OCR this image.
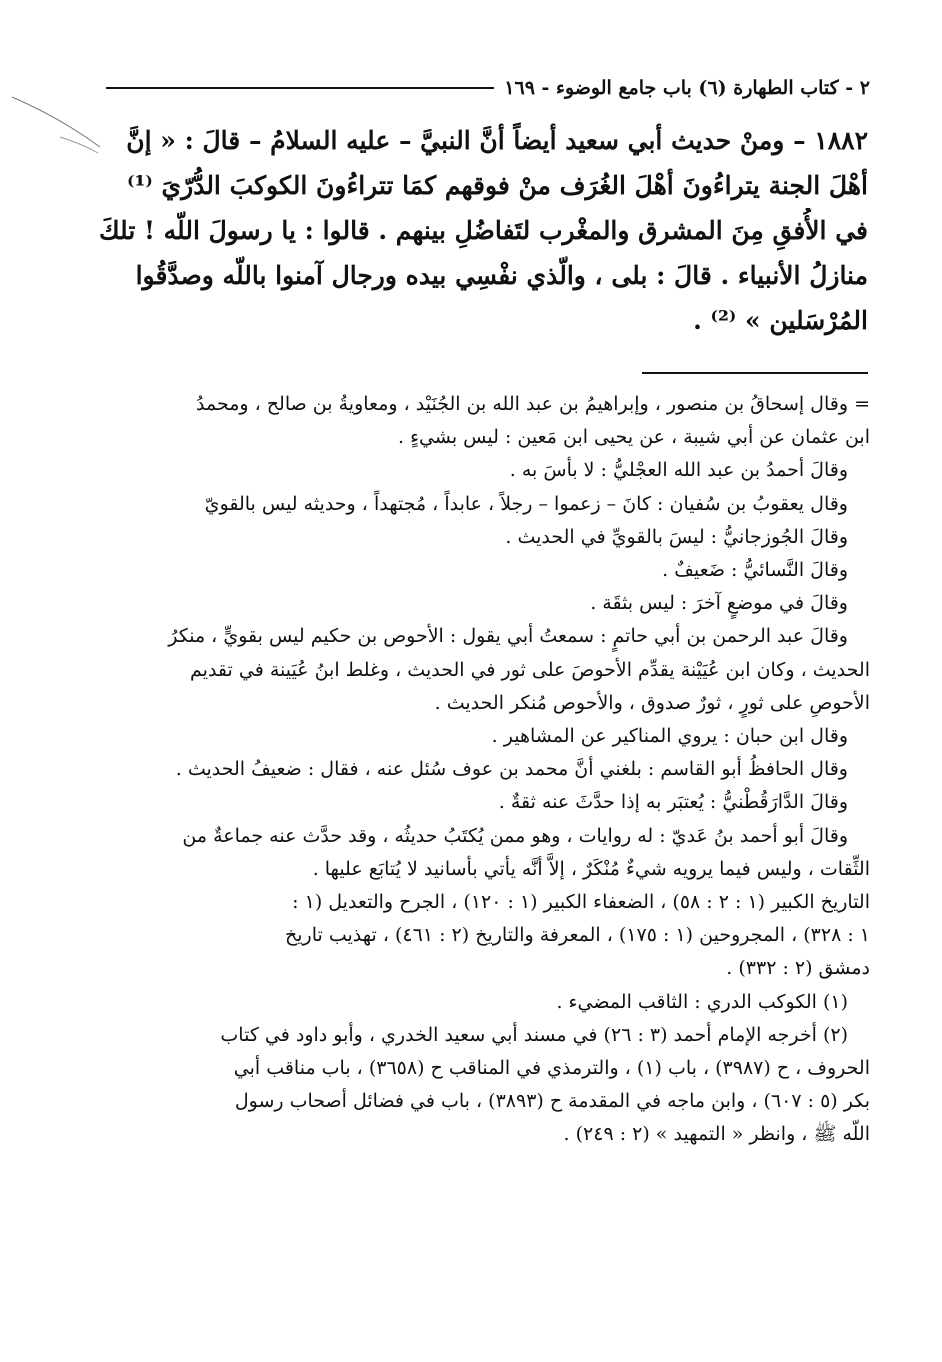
٢ - كتاب الطهارة (٦) باب جامع الوضوء - ١٦٩
١٨٨٢ – ومنْ حديث أبي سعيد أيضاً أنَّ النبيَّ – عليه السلامُ – قالَ : « إنَّ
أهْلَ الجنة يتراءُونَ أهْلَ الغُرَف منْ فوقهم كمَا تتراءُونَ الكوكبَ الدُّرّيَ ⁽¹⁾
في الأُفقِ مِنَ المشرق والمغْرب لتَفاضُلِ بينهم . قالوا : يا رسولَ اللّه ! تلكَ
منازلُ الأنبياء . قالَ : بلى ، والّذي نفْسِي بيده ورجال آمنوا باللّه وصدَّقُوا
المُرْسَلين » ⁽²⁾ .
= وقال إسحاقُ بن منصور ، وإبراهيمُ بن عبد الله بن الجُنَيْد ، ومعاويةُ بن صالح ، ومحمدُ
ابن عثمان عن أبي شيبة ، عن يحيى ابن مَعين : ليس بشيءٍ .
وقالَ أحمدُ بن عبد الله العجْليُّ : لا بأسَ به .
وقال يعقوبُ بن سُفيان : كانَ – زعموا – رجلاً ، عابداً ، مُجتهداً ، وحديثه ليس بالقويّ
وقالَ الجُوزجانيُّ : ليسَ بالقويِّ في الحديث .
وقالَ النَّسائيُّ : ضَعيفٌ .
وقالَ في موضعٍ آخرَ : ليس بثقَة .
وقالَ عبد الرحمن بن أبي حاتمٍ : سمعتُ أبي يقول : الأحوص بن حكيم ليس بقويٍّ ، منكرُ
الحديث ، وكان ابن عُيَيْنة يقدِّم الأحوصَ على ثور في الحديث ، وغلط ابنُ عُيَينة في تقديم
الأحوصِ على ثورٍ ، ثورٌ صدوق ، والأحوص مُنكر الحديث .
وقال ابن حبان : يروي المناكير عن المشاهير .
وقال الحافظُ أبو القاسم : بلغني أنَّ محمد بن عوف سُئل عنه ، فقال : ضعيفُ الحديث .
وقالَ الدَّارَقُطْنيُّ : يُعتبَر به إذا حدَّثَ عنه ثقةٌ .
وقالَ أبو أحمد بنُ عَديّ : له روايات ، وهو ممن يُكتَبُ حديثُه ، وقد حدَّث عنه جماعةٌ من
الثِّقات ، وليس فيما يرويه شيءٌ مُنْكَرٌ ، إلاَّ أنَّه يأتي بأسانيد لا يُتابَع عليها .
التاريخ الكبير (١ : ٢ : ٥٨) ، الضعفاء الكبير (١ : ١٢٠) ، الجرح والتعديل (١ :
١ : ٣٢٨) ، المجروحين (١ : ١٧٥) ، المعرفة والتاريخ (٢ : ٤٦١) ، تهذيب تاريخ
دمشق (٢ : ٣٣٢) .
(١) الكوكب الدري : الثاقب المضيء .
(٢) أخرجه الإمام أحمد (٣ : ٢٦) في مسند أبي سعيد الخدري ، وأبو داود في كتاب
الحروف ، ح (٣٩٨٧) ، باب (١) ، والترمذي في المناقب ح (٣٦٥٨) ، باب مناقب أبي
بكر (٥ : ٦٠٧) ، وابن ماجه في المقدمة ح (٣٨٩٣) ، باب في فضائل أصحاب رسول
اللّه ﷺ ، وانظر « التمهيد » (٢ : ٢٤٩) .
